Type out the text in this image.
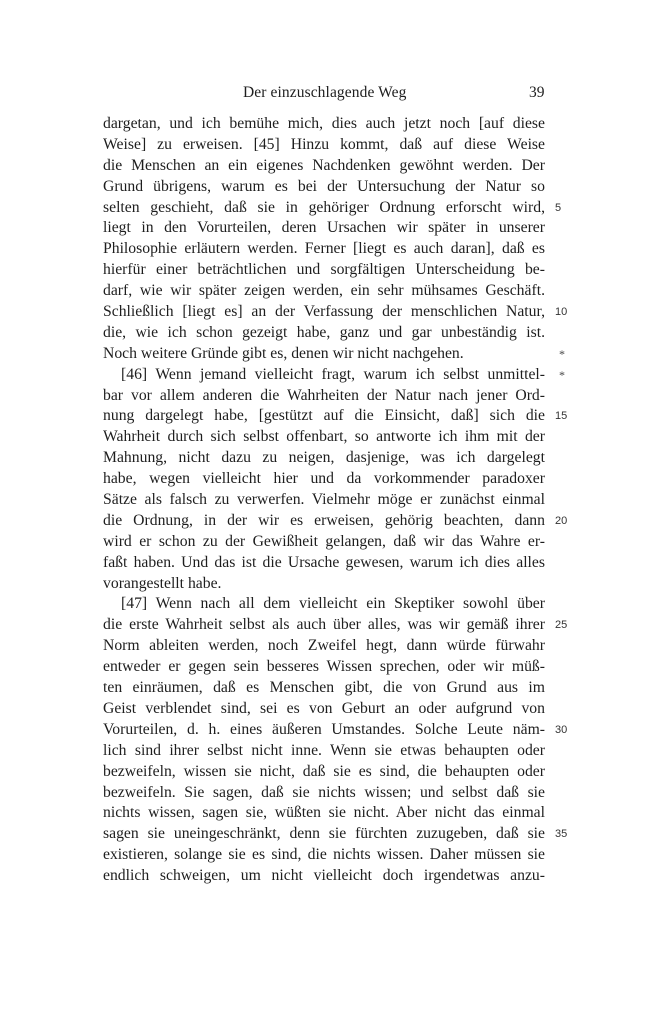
Der einzuschlagende Weg	39
dargetan, und ich bemühe mich, dies auch jetzt noch [auf diese
Weise] zu erweisen. [45] Hinzu kommt, daß auf diese Weise
die Menschen an ein eigenes Nachdenken gewöhnt werden. Der
Grund übrigens, warum es bei der Untersuchung der Natur so
selten geschieht, daß sie in gehöriger Ordnung erforscht wird, 5
liegt in den Vorurteilen, deren Ursachen wir später in unserer
Philosophie erläutern werden. Ferner [liegt es auch daran], daß es
hierfür einer beträchtlichen und sorgfältigen Unterscheidung be-
darf, wie wir später zeigen werden, ein sehr mühsames Geschäft.
Schließlich [liegt es] an der Verfassung der menschlichen Natur, 10
die, wie ich schon gezeigt habe, ganz und gar unbeständig ist.
Noch weitere Gründe gibt es, denen wir nicht nachgehen.	*
[46] Wenn jemand vielleicht fragt, warum ich selbst unmittel- *
bar vor allem anderen die Wahrheiten der Natur nach jener Ord-
nung dargelegt habe, [gestützt auf die Einsicht, daß] sich die 15
Wahrheit durch sich selbst offenbart, so antworte ich ihm mit der
Mahnung, nicht dazu zu neigen, dasjenige, was ich dargelegt
habe, wegen vielleicht hier und da vorkommender paradoxer
Sätze als falsch zu verwerfen. Vielmehr möge er zunächst einmal
die Ordnung, in der wir es erweisen, gehörig beachten, dann 20
wird er schon zu der Gewißheit gelangen, daß wir das Wahre er-
faßt haben. Und das ist die Ursache gewesen, warum ich dies alles
vorangestellt habe.
[47] Wenn nach all dem vielleicht ein Skeptiker sowohl über
die erste Wahrheit selbst als auch über alles, was wir gemäß ihrer 25
Norm ableiten werden, noch Zweifel hegt, dann würde fürwahr
entweder er gegen sein besseres Wissen sprechen, oder wir müß-
ten einräumen, daß es Menschen gibt, die von Grund aus im
Geist verblendet sind, sei es von Geburt an oder aufgrund von
Vorurteilen, d. h. eines äußeren Umstandes. Solche Leute näm- 30
lich sind ihrer selbst nicht inne. Wenn sie etwas behaupten oder
bezweifeln, wissen sie nicht, daß sie es sind, die behaupten oder
bezweifeln. Sie sagen, daß sie nichts wissen; und selbst daß sie
nichts wissen, sagen sie, wüßten sie nicht. Aber nicht das einmal
sagen sie uneingeschränkt, denn sie fürchten zuzugeben, daß sie 35
existieren, solange sie es sind, die nichts wissen. Daher müssen sie
endlich schweigen, um nicht vielleicht doch irgendetwas anzu-
